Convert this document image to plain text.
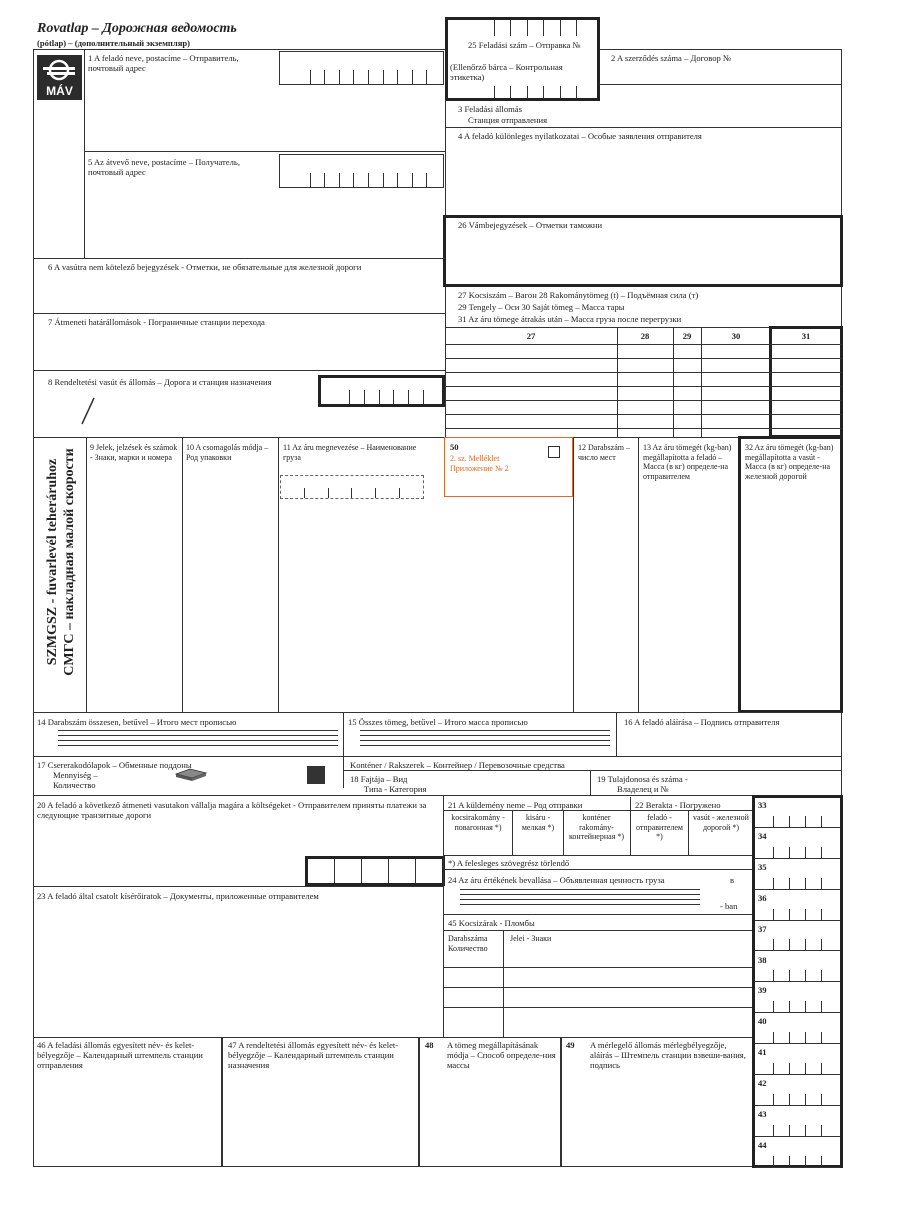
Rovatlap – Дорожная ведомость
(pótlap) – (дополнительный экземпляр)
MÁV
1 A feladó neve, postacíme – Отправитель, почтовый адрес
25 Feladási szám – Отправка №
(Ellenőrző bárca – Контрольная этикетка)
2 A szerződés száma – Договор №
3 Feladási állomás
Станция отправления
4 A feladó különleges nyilatkozatai – Особые заявления отправителя
5 Az átvevő neve, postacíme – Получатель, почтовый адрес
26 Vámbejegyzések – Отметки таможни
6 A vasútra nem kötelező bejegyzések - Отметки, не обязательные для железной дороги
27 Kocsiszám – Вагон 28 Rakománytömeg (t) – Подъёмная сила (т)
29 Tengely – Оси 30 Saját tömeg – Масса тары
31 Az áru tömege átrakás után – Масса груза после перегрузки
7 Átmeneti határállomások - Пограничные станции перехода
27	28	29	30	31
8 Rendeltetési vasút és állomás – Дорога и станция назначения
SZMGSZ - fuvarlevél teheráruhoz СМГС – накладная малой скорости
9 Jelek, jelzések és számok - Знаки, марки и номера
10 A csomagolás módja – Род упаковки
11 Az áru megnevezése – Наименование груза
50
2. sz. Melléklet Приложение № 2
12 Darabszám – число мест
13 Az áru tömegét (kg-ban) megállapította a feladó – Масса (в кг) определе-на отправителем
32 Az áru tömegét (kg-ban) megállapította a vasút - Масса (в кг) определе-на железной дорогой
14 Darabszám összesen, betűvel – Итого мест прописью	15 Összes tömeg, betűvel – Итого масса прописью	16 A feladó aláírása – Подпись отправителя
17 Csererakodólapok – Обменные поддоны
Mennyiség –
Количество
Konténer / Rakszerek – Контейнер / Перевозочные средства
18 Fajtája – Вид
Типа - Категория
19 Tulajdonosa és száma -
Владелец и №
20 A feladó a következő átmeneti vasutakon vállalja magára a költségeket - Отправителем приняты платежи за следующие транзитные дороги
21 A küldemény neme – Род отправки	22 Berakta - Погружено
kocsirakomány - повагонная *)
kisáru - мелкая *)
konténer rakomány- контейнерная *)
feladó - отправителем *)
vasút - железной дорогой *)
*) A felesleges szövegrész törlendő
23 A feladó által csatolt kísérőiratok – Документы, приложенные отправителем
24 Az áru értékének bevallása – Объявленная ценность груза	в
- ban
45 Kocsizárak - Пломбы
Darabszáma Количество
Jelei - Знаки
46 A feladási állomás egyesített név- és kelet-bélyegzője – Календарный штемпель станции отправления
47 A rendeltetési állomás egyesített név- és kelet-bélyegzője – Календарный штемпель станции назначения
48 A tömeg megállapításának módja – Способ определе-ния массы
49 A mérlegelő állomás mérlegbélyegzője, aláírás – Штемпель станции взвеши-вания, подпись
33
34
35
36
37
38
39
40
41
42
43
44
